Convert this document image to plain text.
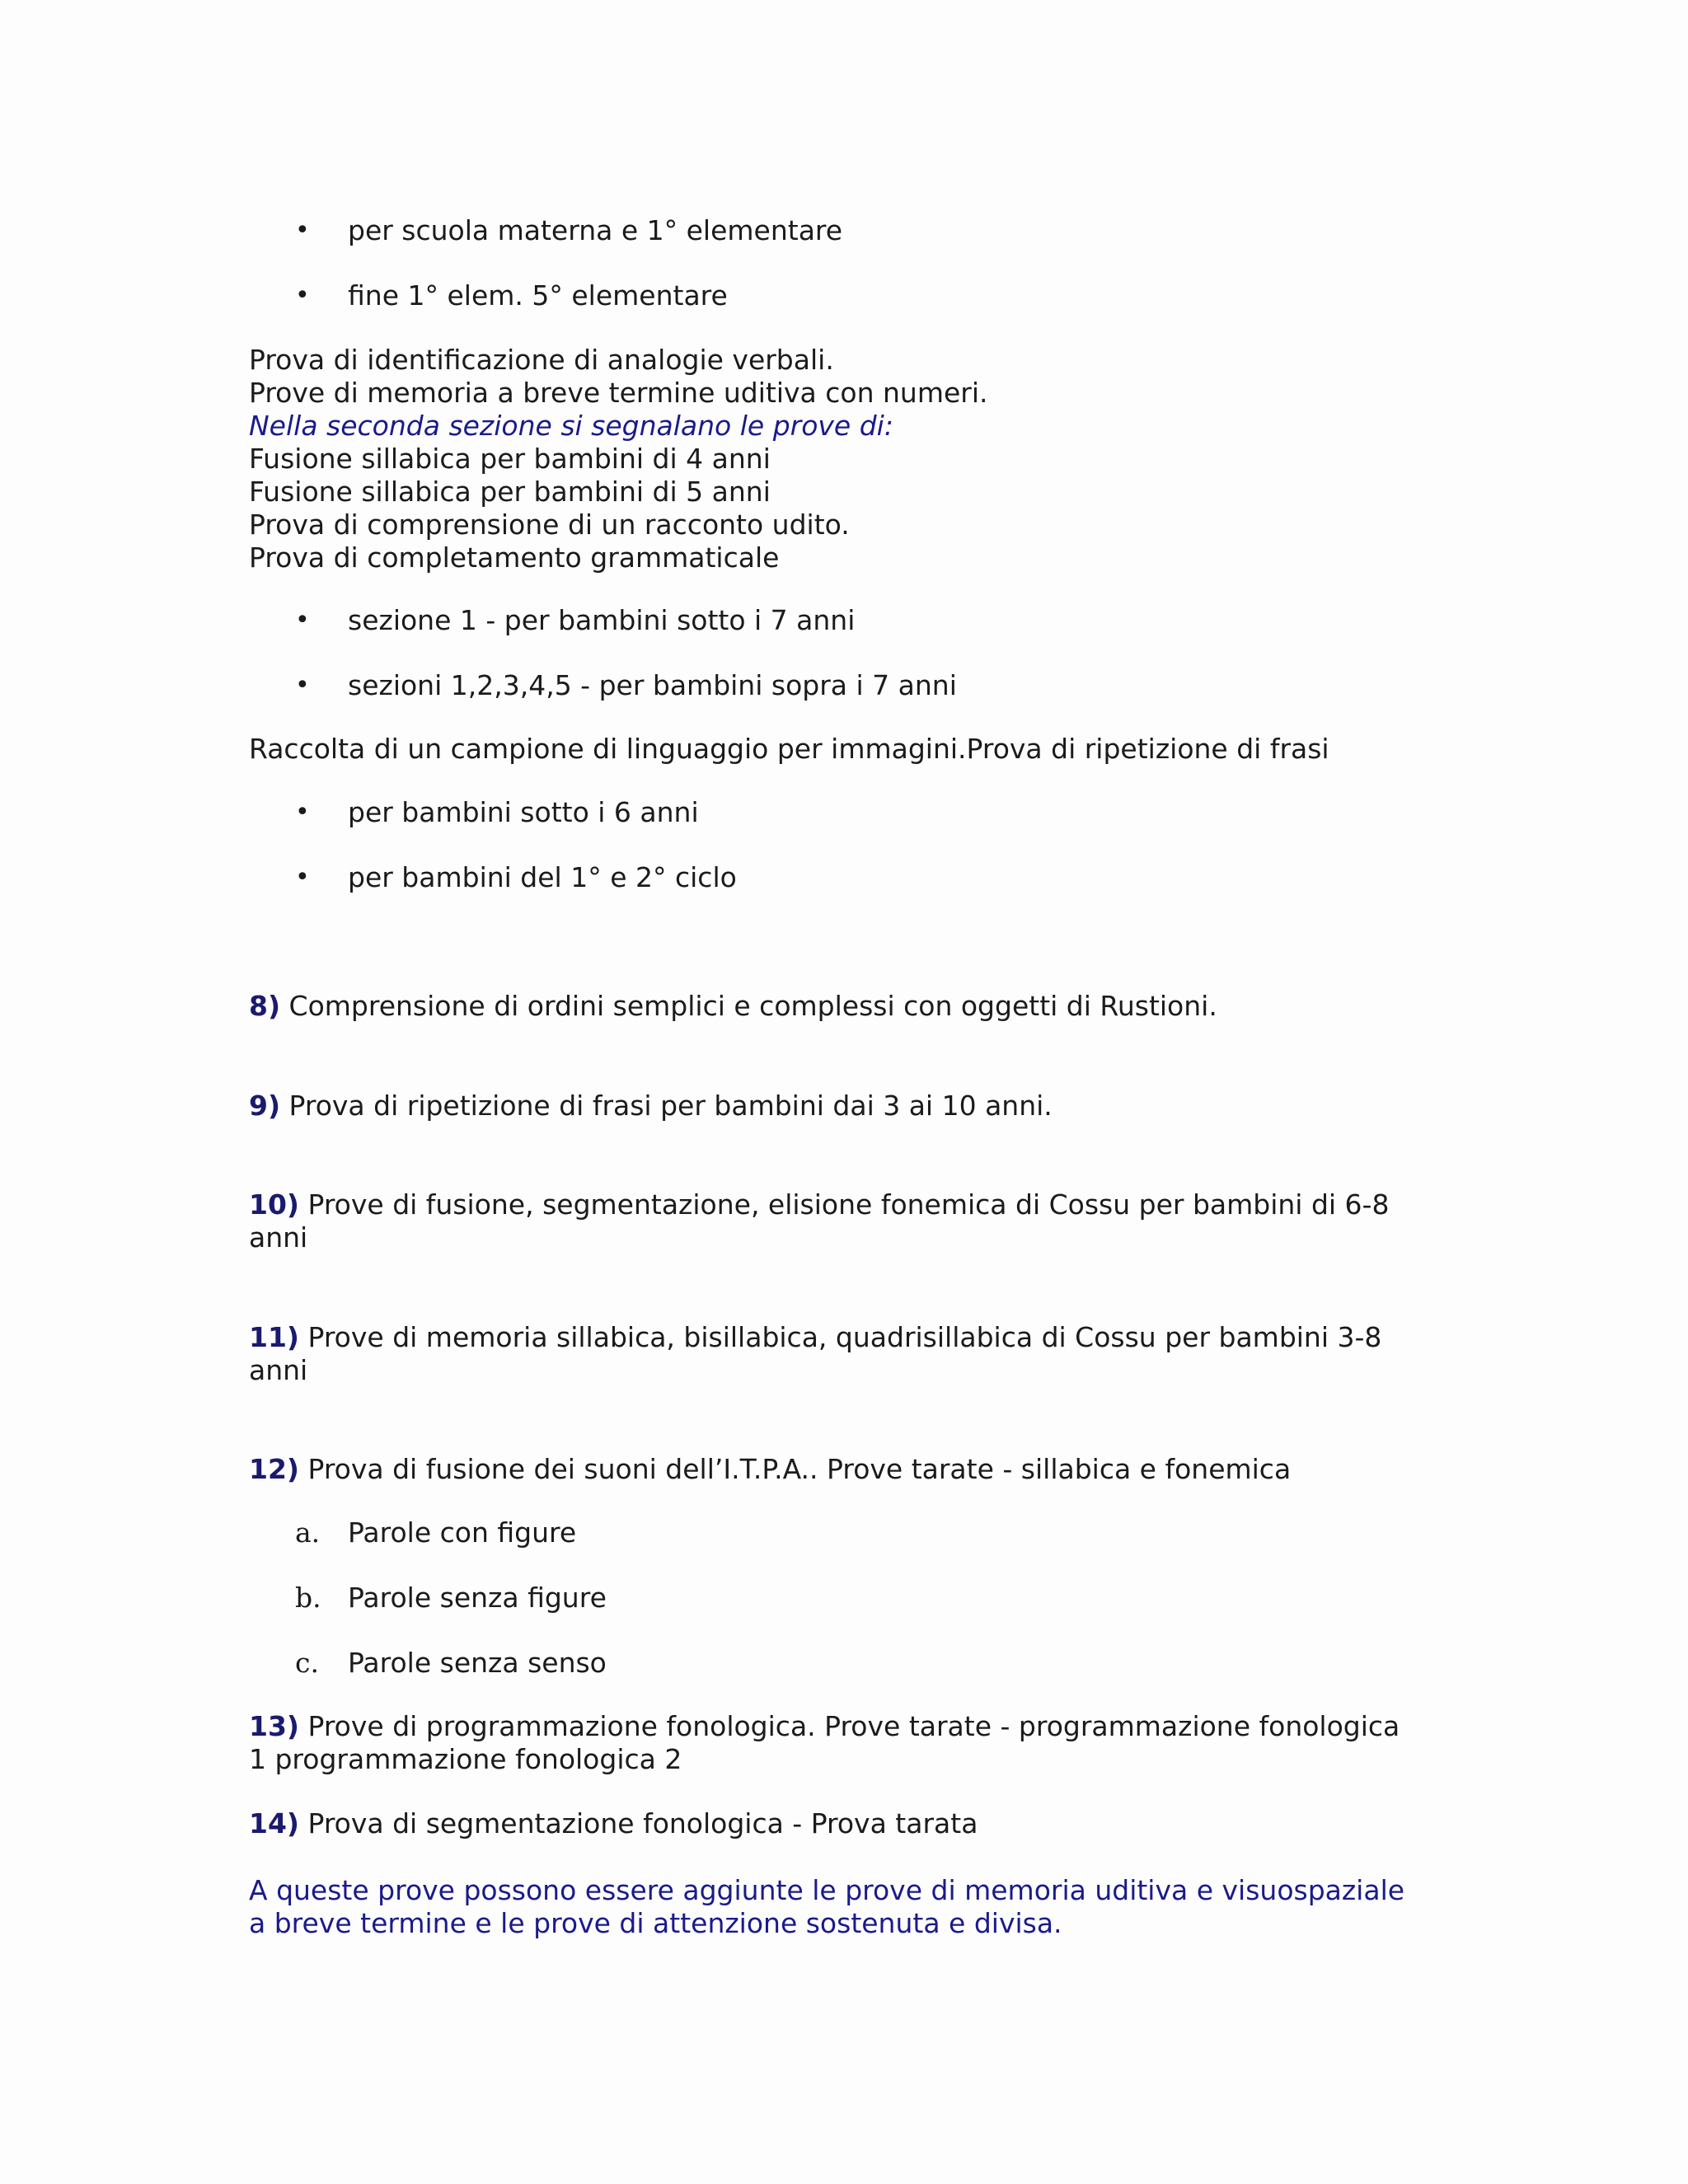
•	per scuola materna e 1° elementare
•	fine 1° elem. 5° elementare

Prova di identificazione di analogie verbali.

Prove di memoria a breve termine uditiva con numeri.

Nella seconda sezione si segnalano le prove di:

Fusione sillabica per bambini di 4 anni

Fusione sillabica per bambini di 5 anni

Prova di comprensione di un racconto udito.

Prova di completamento grammaticale

•	sezione 1 - per bambini sotto i 7 anni
•	sezioni 1,2,3,4,5 - per bambini sopra i 7 anni

Raccolta di un campione di linguaggio per immagini.Prova di ripetizione di frasi

•	per bambini sotto i 6 anni
•	per bambini del 1° e 2° ciclo

8) Comprensione di ordini semplici e complessi con oggetti di Rustioni.

9) Prova di ripetizione di frasi per bambini dai 3 ai 10 anni.

10) Prove di fusione, segmentazione, elisione fonemica di Cossu per bambini di 6-8

anni

11) Prove di memoria sillabica, bisillabica, quadrisillabica di Cossu per bambini 3-8

anni

12) Prova di fusione dei suoni dell’I.T.P.A.. Prove tarate - sillabica e fonemica

a. Parole con figure
b. Parole senza figure
c. Parole senza senso

13) Prove di programmazione fonologica. Prove tarate - programmazione fonologica

1 programmazione fonologica 2

14) Prova di segmentazione fonologica - Prova tarata

A queste prove possono essere aggiunte le prove di memoria uditiva e visuospaziale

a breve termine e le prove di attenzione sostenuta e divisa.
